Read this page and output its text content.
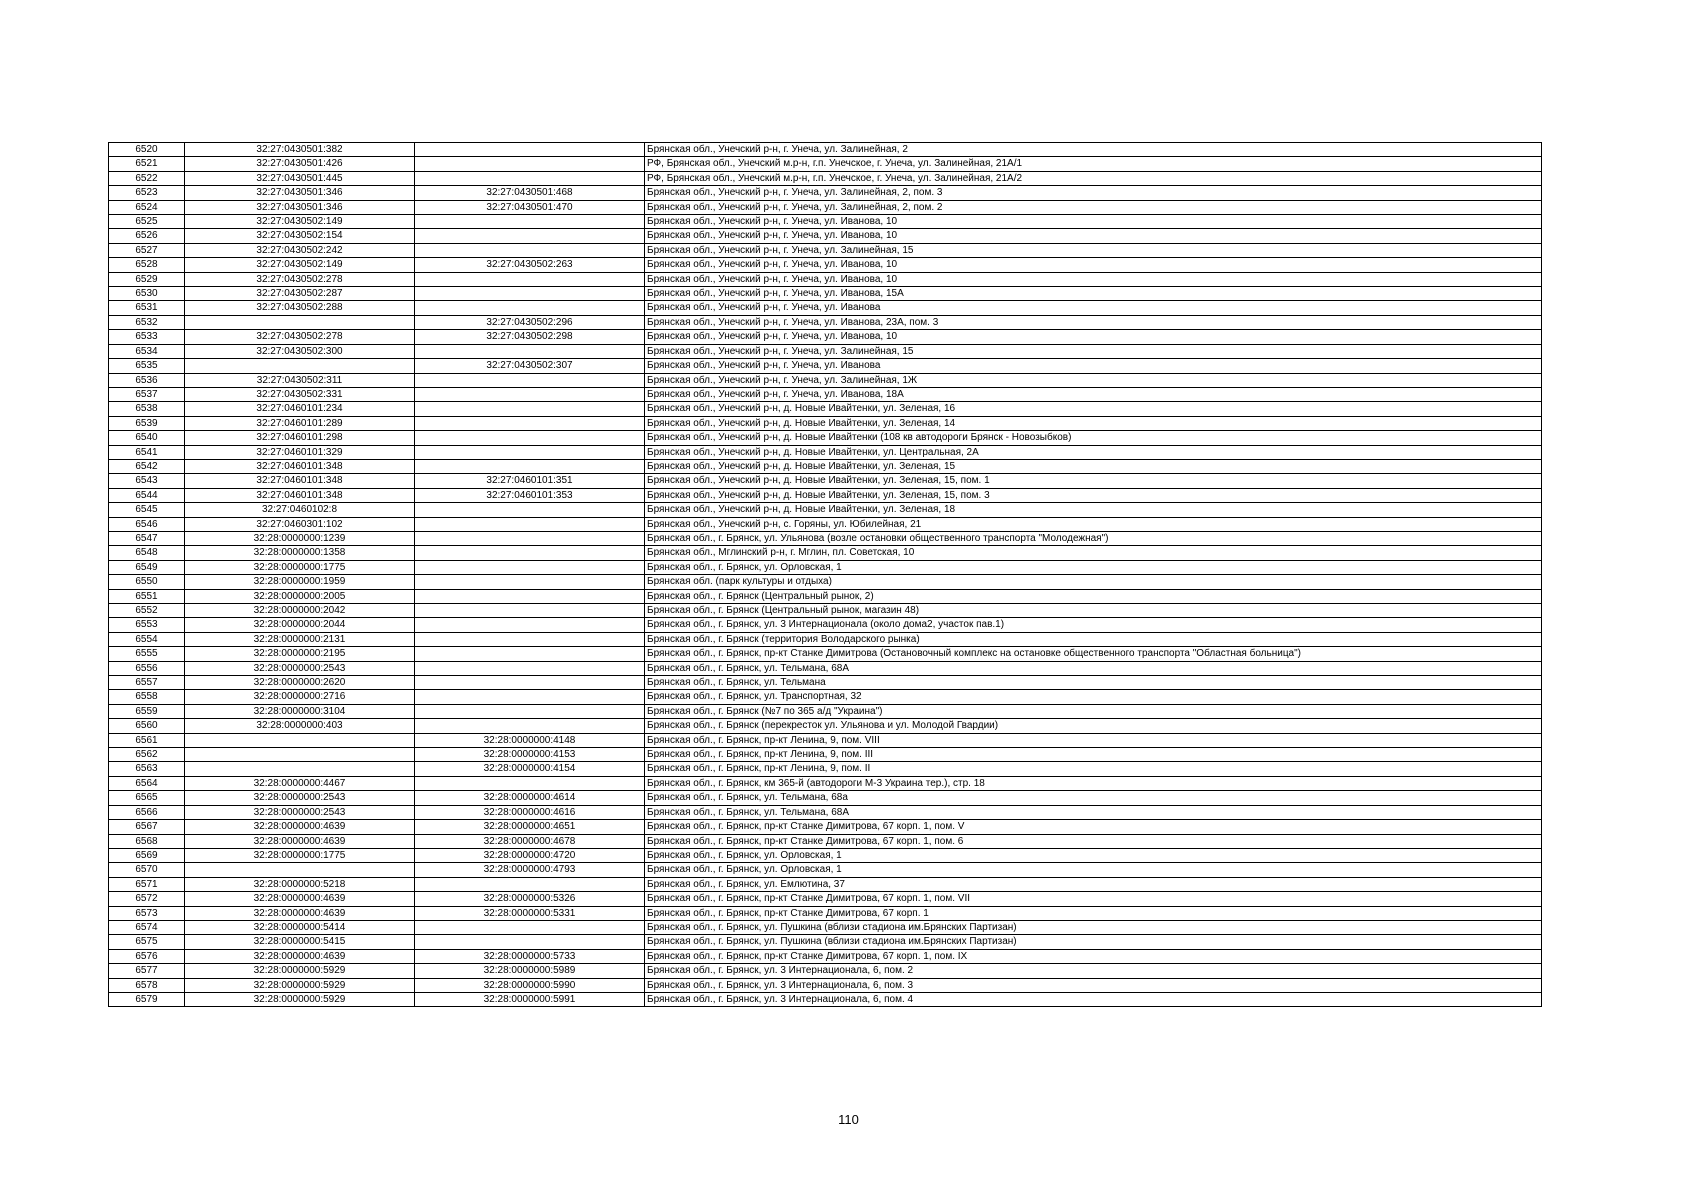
6520	32:27:0430501:382		Брянская обл., Унечский р-н, г. Унеча, ул. Залинейная, 2
6521	32:27:0430501:426		РФ, Брянская обл., Унечский м.р-н, г.п. Унечское, г. Унеча, ул. Залинейная, 21А/1
6522	32:27:0430501:445		РФ, Брянская обл., Унечский м.р-н, г.п. Унечское, г. Унеча, ул. Залинейная, 21А/2
6523	32:27:0430501:346	32:27:0430501:468	Брянская обл., Унечский р-н, г. Унеча, ул. Залинейная, 2, пом. 3
6524	32:27:0430501:346	32:27:0430501:470	Брянская обл., Унечский р-н, г. Унеча, ул. Залинейная, 2, пом. 2
6525	32:27:0430502:149		Брянская обл., Унечский р-н, г. Унеча, ул. Иванова, 10
6526	32:27:0430502:154		Брянская обл., Унечский р-н, г. Унеча, ул. Иванова, 10
6527	32:27:0430502:242		Брянская обл., Унечский р-н, г. Унеча, ул. Залинейная, 15
6528	32:27:0430502:149	32:27:0430502:263	Брянская обл., Унечский р-н, г. Унеча, ул. Иванова, 10
6529	32:27:0430502:278		Брянская обл., Унечский р-н, г. Унеча, ул. Иванова, 10
6530	32:27:0430502:287		Брянская обл., Унечский р-н, г. Унеча, ул. Иванова, 15А
6531	32:27:0430502:288		Брянская обл., Унечский р-н, г. Унеча, ул. Иванова
6532		32:27:0430502:296	Брянская обл., Унечский р-н, г. Унеча, ул. Иванова, 23А, пом. 3
6533	32:27:0430502:278	32:27:0430502:298	Брянская обл., Унечский р-н, г. Унеча, ул. Иванова, 10
6534	32:27:0430502:300		Брянская обл., Унечский р-н, г. Унеча, ул. Залинейная, 15
6535		32:27:0430502:307	Брянская обл., Унечский р-н, г. Унеча, ул. Иванова
6536	32:27:0430502:311		Брянская обл., Унечский р-н, г. Унеча, ул. Залинейная, 1Ж
6537	32:27:0430502:331		Брянская обл., Унечский р-н, г. Унеча, ул. Иванова, 18А
6538	32:27:0460101:234		Брянская обл., Унечский р-н, д. Новые Ивайтенки, ул. Зеленая, 16
6539	32:27:0460101:289		Брянская обл., Унечский р-н, д. Новые Ивайтенки, ул. Зеленая, 14
6540	32:27:0460101:298		Брянская обл., Унечский р-н, д. Новые Ивайтенки (108 кв автодороги Брянск - Новозыбков)
6541	32:27:0460101:329		Брянская обл., Унечский р-н, д. Новые Ивайтенки, ул. Центральная, 2А
6542	32:27:0460101:348		Брянская обл., Унечский р-н, д. Новые Ивайтенки, ул. Зеленая, 15
6543	32:27:0460101:348	32:27:0460101:351	Брянская обл., Унечский р-н, д. Новые Ивайтенки, ул. Зеленая, 15, пом. 1
6544	32:27:0460101:348	32:27:0460101:353	Брянская обл., Унечский р-н, д. Новые Ивайтенки, ул. Зеленая, 15, пом. 3
6545	32:27:0460102:8		Брянская обл., Унечский р-н, д. Новые Ивайтенки, ул. Зеленая, 18
6546	32:27:0460301:102		Брянская обл., Унечский р-н, с. Горяны, ул. Юбилейная, 21
6547	32:28:0000000:1239		Брянская обл., г. Брянск, ул. Ульянова (возле остановки общественного транспорта "Молодежная")
6548	32:28:0000000:1358		Брянская обл., Мглинский р-н, г. Мглин, пл. Советская, 10
6549	32:28:0000000:1775		Брянская обл., г. Брянск, ул. Орловская, 1
6550	32:28:0000000:1959		Брянская обл. (парк культуры и отдыха)
6551	32:28:0000000:2005		Брянская обл., г. Брянск (Центральный рынок, 2)
6552	32:28:0000000:2042		Брянская обл., г. Брянск (Центральный рынок, магазин 48)
6553	32:28:0000000:2044		Брянская обл., г. Брянск, ул. 3 Интернационала (около дома2, участок пав.1)
6554	32:28:0000000:2131		Брянская обл., г. Брянск (территория Володарского рынка)
6555	32:28:0000000:2195		Брянская обл., г. Брянск, пр-кт Станке Димитрова (Остановочный комплекс на остановке общественного транспорта "Областная больница")
6556	32:28:0000000:2543		Брянская обл., г. Брянск, ул. Тельмана, 68А
6557	32:28:0000000:2620		Брянская обл., г. Брянск, ул. Тельмана
6558	32:28:0000000:2716		Брянская обл., г. Брянск, ул. Транспортная, 32
6559	32:28:0000000:3104		Брянская обл., г. Брянск (№7 по 365 а/д "Украина")
6560	32:28:0000000:403		Брянская обл., г. Брянск (перекресток ул. Ульянова и ул. Молодой Гвардии)
6561		32:28:0000000:4148	Брянская обл., г. Брянск, пр-кт Ленина, 9, пом. VIII
6562		32:28:0000000:4153	Брянская обл., г. Брянск, пр-кт Ленина, 9, пом. III
6563		32:28:0000000:4154	Брянская обл., г. Брянск, пр-кт Ленина, 9, пом. II
6564	32:28:0000000:4467		Брянская обл., г. Брянск, км 365-й (автодороги М-3 Украина тер.), стр. 18
6565	32:28:0000000:2543	32:28:0000000:4614	Брянская обл., г. Брянск, ул. Тельмана, 68а
6566	32:28:0000000:2543	32:28:0000000:4616	Брянская обл., г. Брянск, ул. Тельмана, 68А
6567	32:28:0000000:4639	32:28:0000000:4651	Брянская обл., г. Брянск, пр-кт Станке Димитрова, 67 корп. 1, пом. V
6568	32:28:0000000:4639	32:28:0000000:4678	Брянская обл., г. Брянск, пр-кт Станке Димитрова, 67 корп. 1, пом. 6
6569	32:28:0000000:1775	32:28:0000000:4720	Брянская обл., г. Брянск, ул. Орловская, 1
6570		32:28:0000000:4793	Брянская обл., г. Брянск, ул. Орловская, 1
6571	32:28:0000000:5218		Брянская обл., г. Брянск, ул. Емлютина, 37
6572	32:28:0000000:4639	32:28:0000000:5326	Брянская обл., г. Брянск, пр-кт Станке Димитрова, 67 корп. 1, пом. VII
6573	32:28:0000000:4639	32:28:0000000:5331	Брянская обл., г. Брянск, пр-кт Станке Димитрова, 67 корп. 1
6574	32:28:0000000:5414		Брянская обл., г. Брянск, ул. Пушкина (вблизи стадиона им.Брянских Партизан)
6575	32:28:0000000:5415		Брянская обл., г. Брянск, ул. Пушкина (вблизи стадиона им.Брянских Партизан)
6576	32:28:0000000:4639	32:28:0000000:5733	Брянская обл., г. Брянск, пр-кт Станке Димитрова, 67 корп. 1, пом. IX
6577	32:28:0000000:5929	32:28:0000000:5989	Брянская обл., г. Брянск, ул. 3 Интернационала, 6, пом. 2
6578	32:28:0000000:5929	32:28:0000000:5990	Брянская обл., г. Брянск, ул. 3 Интернационала, 6, пом. 3
6579	32:28:0000000:5929	32:28:0000000:5991	Брянская обл., г. Брянск, ул. 3 Интернационала, 6, пом. 4
110
